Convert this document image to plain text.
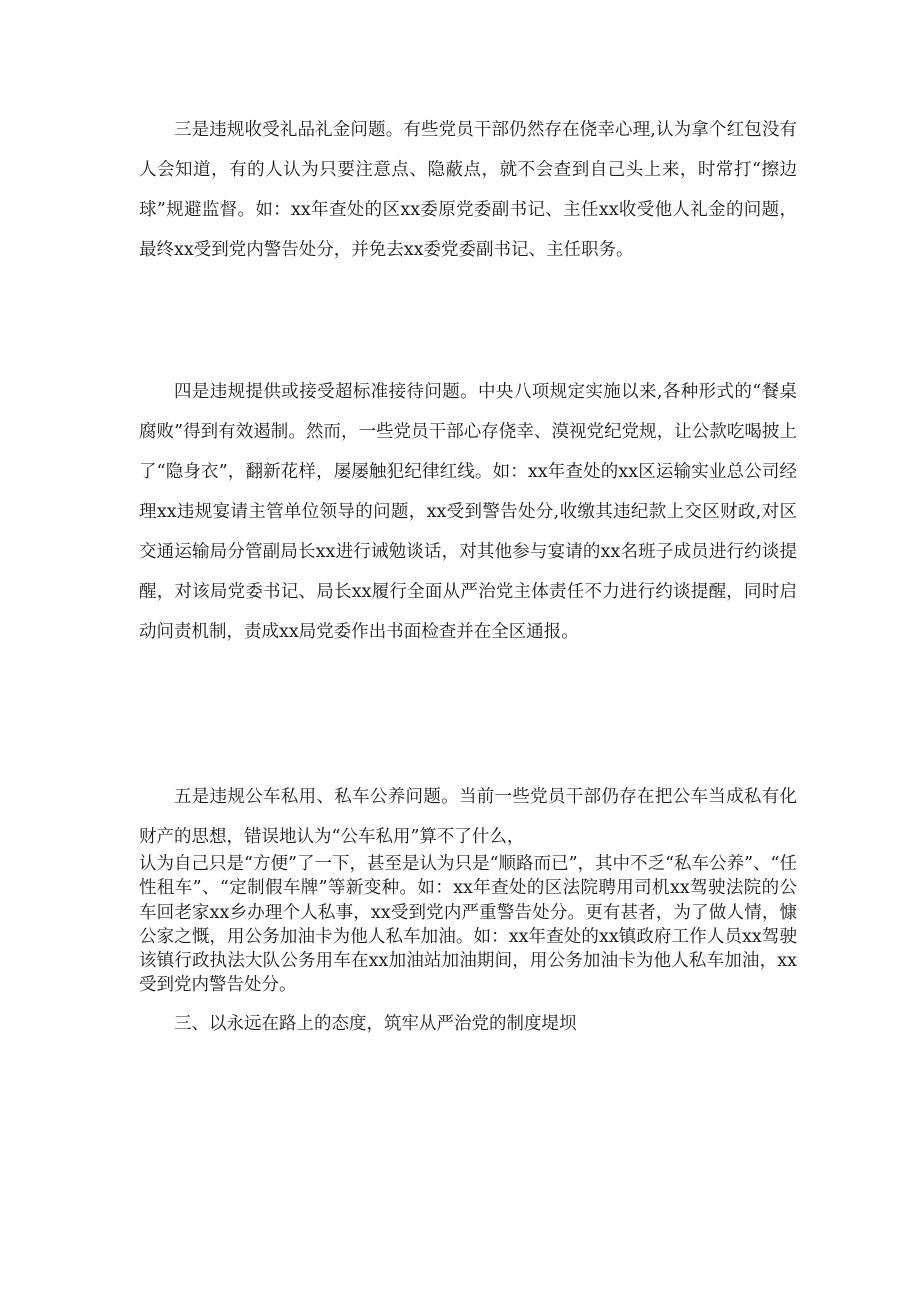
三是违规收受礼品礼金问题。有些党员干部仍然存在侥幸心理,认为拿个红包没有人会知道，有的人认为只要注意点、隐蔽点，就不会查到自己头上来，时常打“擦边球”规避监督。如：xx年查处的区xx委原党委副书记、主任xx收受他人礼金的问题，最终xx受到党内警告处分，并免去xx委党委副书记、主任职务。

四是违规提供或接受超标准接待问题。中央八项规定实施以来,各种形式的“餐桌腐败”得到有效遏制。然而，一些党员干部心存侥幸、漠视党纪党规，让公款吃喝披上了“隐身衣”，翻新花样，屡屡触犯纪律红线。如：xx年查处的xx区运输实业总公司经理xx违规宴请主管单位领导的问题，xx受到警告处分,收缴其违纪款上交区财政,对区交通运输局分管副局长xx进行诫勉谈话，对其他参与宴请的xx名班子成员进行约谈提醒，对该局党委书记、局长xx履行全面从严治党主体责任不力进行约谈提醒，同时启动问责机制，责成xx局党委作出书面检查并在全区通报。

五是违规公车私用、私车公养问题。当前一些党员干部仍存在把公车当成私有化财产的思想，错误地认为“公车私用”算不了什么，

认为自己只是“方便”了一下，甚至是认为只是“顺路而已”，其中不乏“私车公养”、“任性租车”、“定制假车牌”等新变种。如：xx年查处的区法院聘用司机xx驾驶法院的公车回老家xx乡办理个人私事，xx受到党内严重警告处分。更有甚者，为了做人情，慷公家之慨，用公务加油卡为他人私车加油。如：xx年查处的xx镇政府工作人员xx驾驶该镇行政执法大队公务用车在xx加油站加油期间，用公务加油卡为他人私车加油，xx受到党内警告处分。

三、以永远在路上的态度，筑牢从严治党的制度堤坝
